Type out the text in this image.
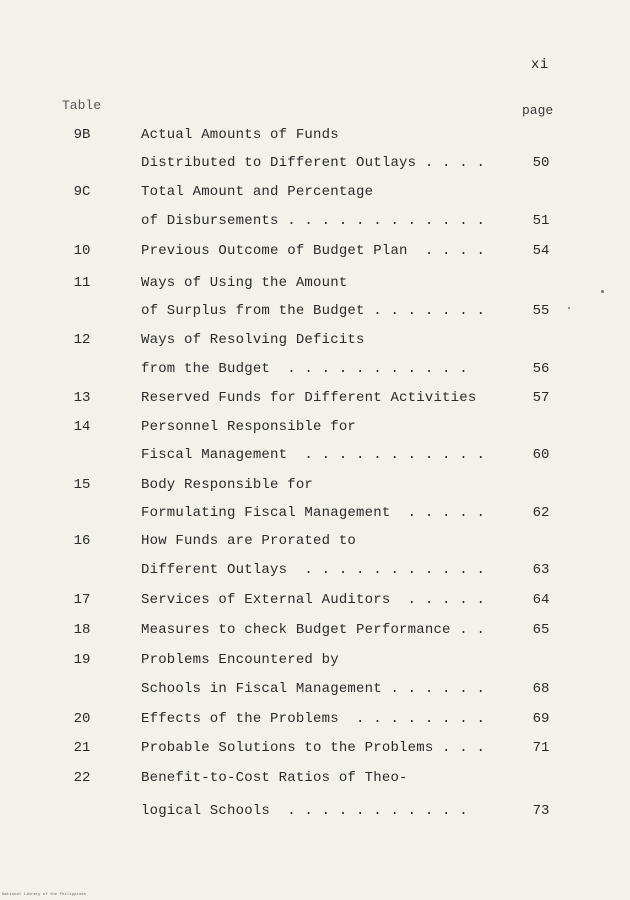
xi
Table	page
9B	Actual Amounts of Funds
Distributed to Different Outlays . . . .	50
9C	Total Amount and Percentage
of Disbursements . . . . . . . . . . . .	51
10	Previous Outcome of Budget Plan  . . . .	54
11	Ways of Using the Amount
of Surplus from the Budget . . . . . . .	55
12	Ways of Resolving Deficits
from the Budget  . . . . . . . . . . .	56
13	Reserved Funds for Different Activities	57
14	Personnel Responsible for
Fiscal Management  . . . . . . . . . . .	60
15	Body Responsible for
Formulating Fiscal Management  . . . . .	62
16	How Funds are Prorated to
Different Outlays  . . . . . . . . . . .	63
17	Services of External Auditors  . . . . .	64
18	Measures to check Budget Performance . .	65
19	Problems Encountered by
Schools in Fiscal Management . . . . . .	68
20	Effects of the Problems  . . . . . . . .	69
21	Probable Solutions to the Problems . . .	71
22	Benefit-to-Cost Ratios of Theo-
logical Schools  . . . . . . . . . . .	73
National Library of the Philippines
